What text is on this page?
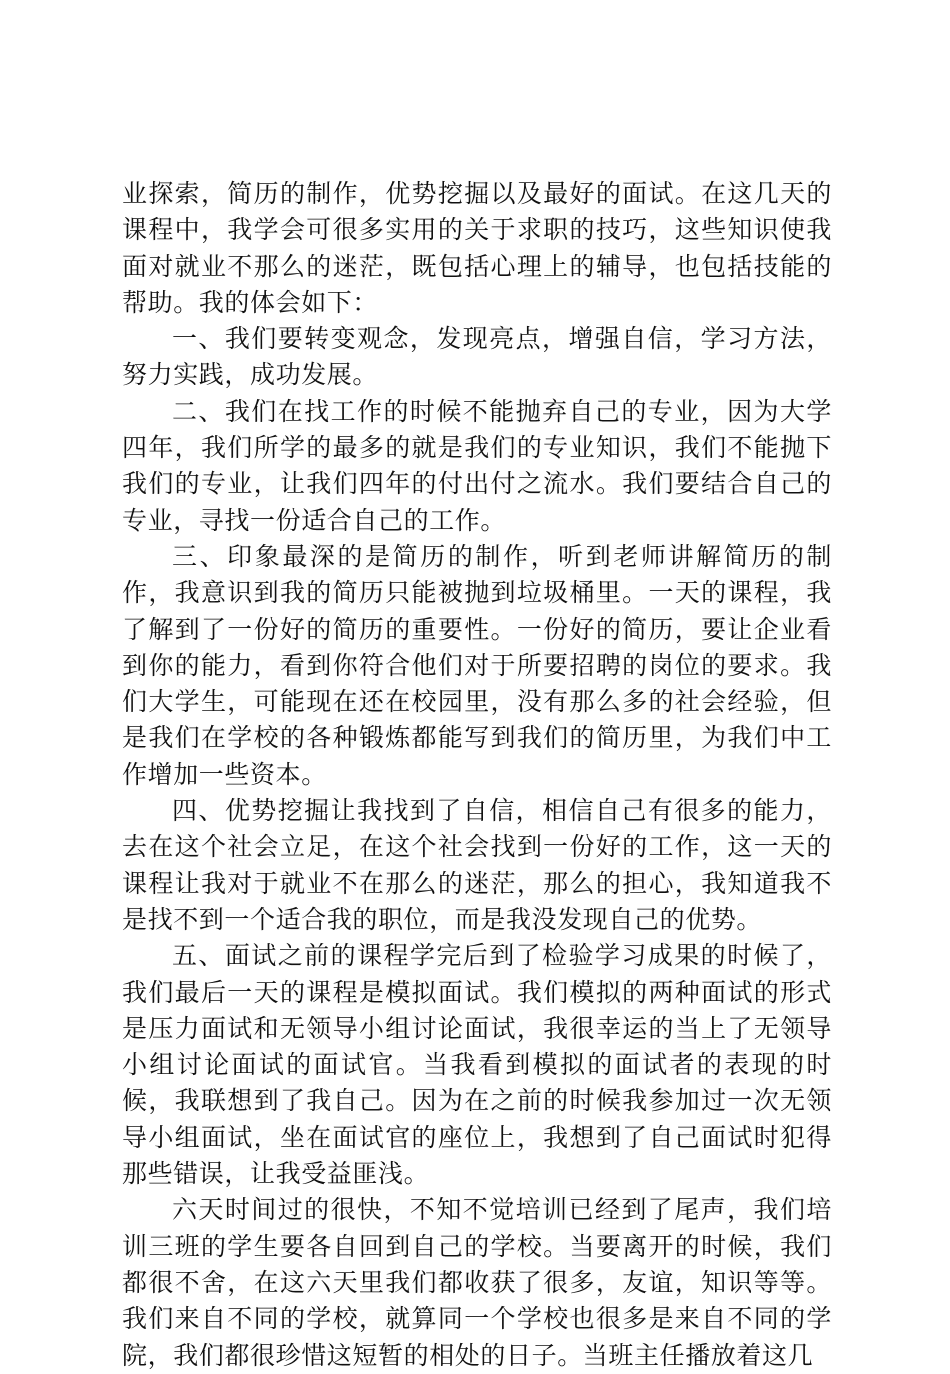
业探索，简历的制作，优势挖掘以及最好的面试。在这几天的课程中，我学会可很多实用的关于求职的技巧，这些知识使我面对就业不那么的迷茫，既包括心理上的辅导，也包括技能的帮助。我的体会如下：

一、我们要转变观念，发现亮点，增强自信，学习方法，努力实践，成功发展。

二、我们在找工作的时候不能抛弃自己的专业，因为大学四年，我们所学的最多的就是我们的专业知识，我们不能抛下我们的专业，让我们四年的付出付之流水。我们要结合自己的专业，寻找一份适合自己的工作。

三、印象最深的是简历的制作，听到老师讲解简历的制作，我意识到我的简历只能被抛到垃圾桶里。一天的课程，我了解到了一份好的简历的重要性。一份好的简历，要让企业看到你的能力，看到你符合他们对于所要招聘的岗位的要求。我们大学生，可能现在还在校园里，没有那么多的社会经验，但是我们在学校的各种锻炼都能写到我们的简历里，为我们中工作增加一些资本。

四、优势挖掘让我找到了自信，相信自己有很多的能力，去在这个社会立足，在这个社会找到一份好的工作，这一天的课程让我对于就业不在那么的迷茫，那么的担心，我知道我不是找不到一个适合我的职位，而是我没发现自己的优势。

五、面试之前的课程学完后到了检验学习成果的时候了，我们最后一天的课程是模拟面试。我们模拟的两种面试的形式是压力面试和无领导小组讨论面试，我很幸运的当上了无领导小组讨论面试的面试官。当我看到模拟的面试者的表现的时候，我联想到了我自己。因为在之前的时候我参加过一次无领导小组面试，坐在面试官的座位上，我想到了自己面试时犯得那些错误，让我受益匪浅。

六天时间过的很快，不知不觉培训已经到了尾声，我们培训三班的学生要各自回到自己的学校。当要离开的时候，我们都很不舍，在这六天里我们都收获了很多，友谊，知识等等。我们来自不同的学校，就算同一个学校也很多是来自不同的学院，我们都很珍惜这短暂的相处的日子。当班主任播放着这几
